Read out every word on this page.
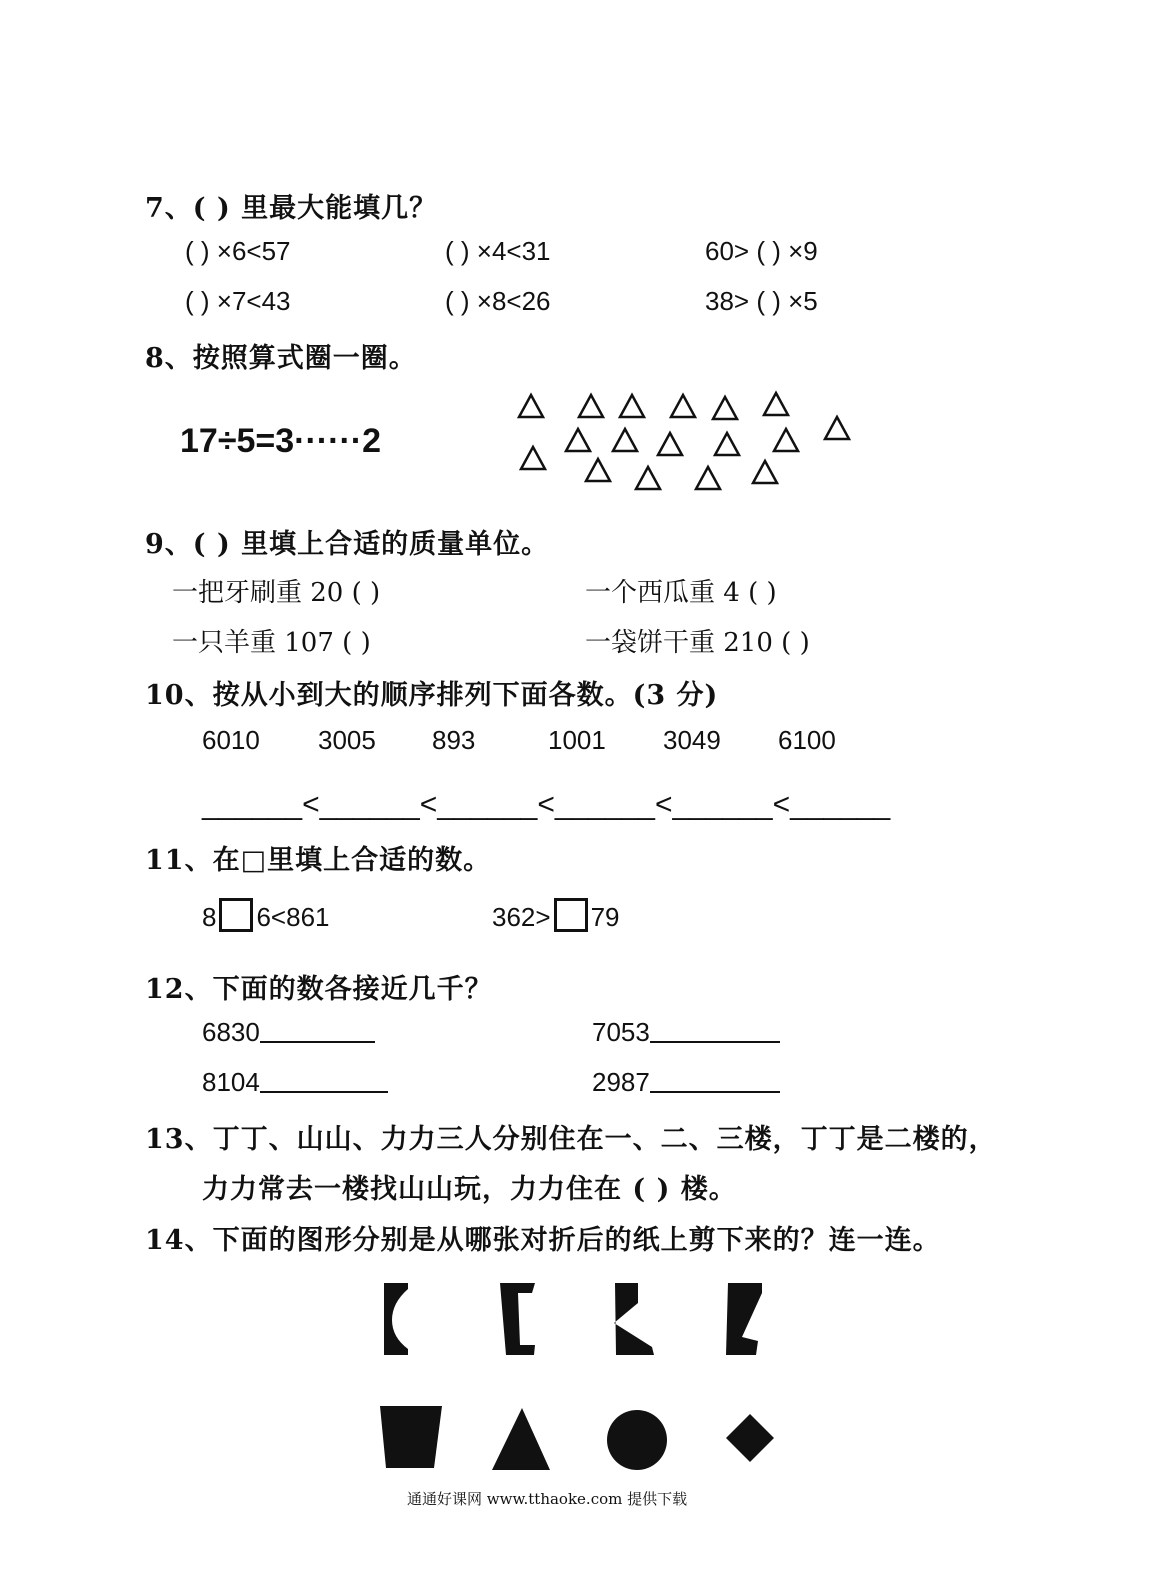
7、( ) 里最大能填几？
( ) ×6<57	( ) ×4<31	60> ( ) ×9
( ) ×7<43	( ) ×8<26	38> ( ) ×5
8、按照算式圈一圈。
17÷5=3······2
9、( ) 里填上合适的质量单位。
一把牙刷重 20 ( )	一个西瓜重 4 ( )
一只羊重 107 ( )	一袋饼干重 210 ( )
10、按从小到大的顺序排列下面各数。(3 分)
6010 3005 893	1001 3049 6100
______<______<______<______<______<______
11、在□里填上合适的数。
8 6<861	362> 79
12、下面的数各接近几千？
6830	7053
8104	2987
13、丁丁、山山、力力三人分别住在一、二、三楼，丁丁是二楼的，
力力常去一楼找山山玩，力力住在 ( ) 楼。
14、下面的图形分别是从哪张对折后的纸上剪下来的？连一连。
通通好课网 www.tthaoke.com 提供下载
